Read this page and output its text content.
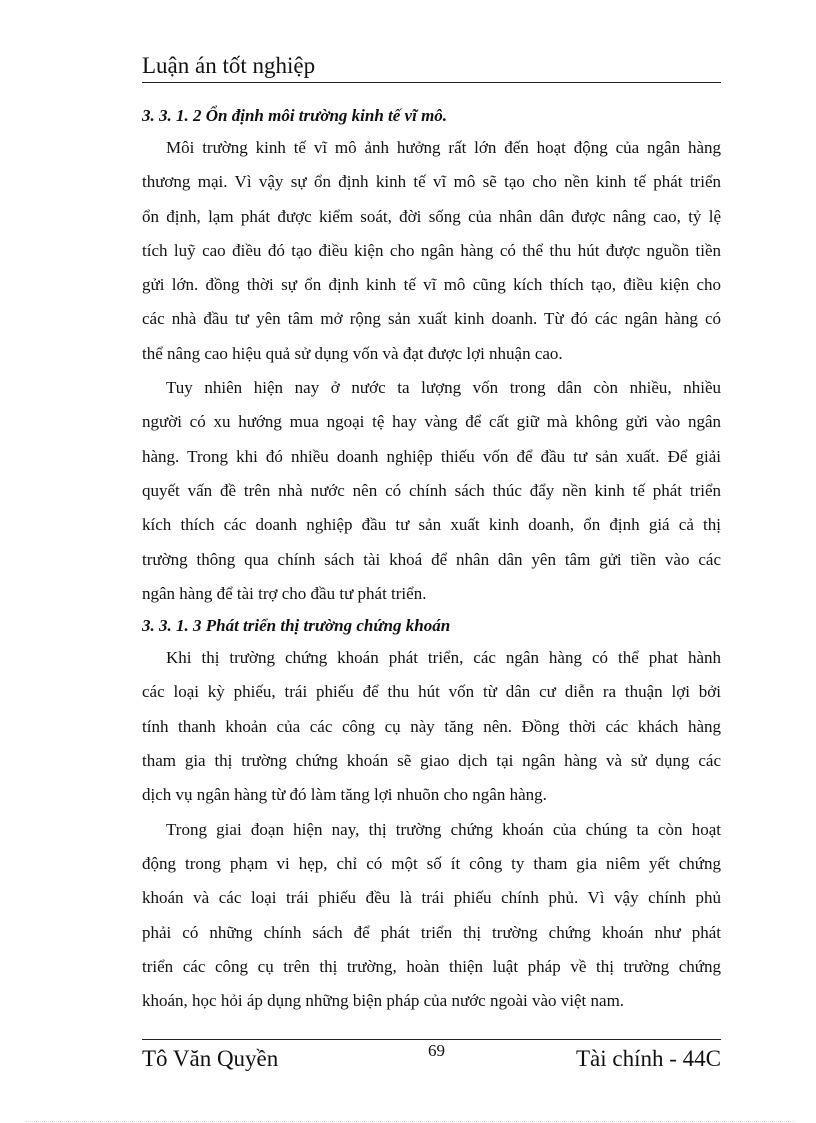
Luận án tốt nghiệp
3. 3. 1. 2 Ổn định môi trường kinh tế vĩ mô.
Môi trường kinh tế vĩ mô ảnh hưởng rất lớn đến hoạt động của ngân hàng
thương mại. Vì vậy sự ổn định kinh tế vĩ mô sẽ tạo cho nền kinh tế phát triển
ổn định, lạm phát được kiểm soát, đời sống của nhân dân được nâng cao, tỷ lệ
tích luỹ cao điều đó tạo điều kiện cho ngân hàng có thể thu hút được nguồn tiền
gửi lớn. đồng thời sự ổn định kinh tế vĩ mô cũng kích thích tạo, điều kiện cho
các nhà đầu tư yên tâm mở rộng sản xuất kinh doanh. Từ đó các ngân hàng có
thể nâng cao hiệu quả sử dụng vốn và đạt được lợi nhuận cao.
Tuy nhiên hiện nay ở nước ta lượng vốn trong dân còn nhiều, nhiều
người có xu hướng mua ngoại tệ hay vàng để cất giữ mà không gửi vào ngân
hàng. Trong khi đó nhiều doanh nghiệp thiếu vốn để đầu tư sản xuất. Để giải
quyết vấn đề trên nhà nước nên có chính sách thúc đẩy nền kinh tế phát triển
kích thích các doanh nghiệp đầu tư sản xuất kinh doanh, ổn định giá cả thị
trường thông qua chính sách tài khoá để nhân dân yên tâm gửi tiền vào các
ngân hàng để tài trợ cho đầu tư phát triển.
3. 3. 1. 3 Phát triển thị trường chứng khoán
Khi thị trường chứng khoán phát triển, các ngân hàng có thể phat hành
các loại kỳ phiếu, trái phiếu để thu hút vốn từ dân cư diễn ra thuận lợi bởi
tính thanh khoản của các công cụ này tăng nên. Đồng thời các khách hàng
tham gia thị trường chứng khoán sẽ giao dịch tại ngân hàng và sử dụng các
dịch vụ ngân hàng từ đó làm tăng lợi nhuõn cho ngân hàng.
Trong giai đoạn hiện nay, thị trường chứng khoán của chúng ta còn hoạt
động trong phạm vi hẹp, chỉ có một số ít công ty tham gia niêm yết chứng
khoán và các loại trái phiếu đều là trái phiếu chính phủ. Vì vậy chính phủ
phải có những chính sách để phát triển thị trường chứng khoán như phát
triển các công cụ trên thị trường, hoàn thiện luật pháp về thị trường chứng
khoán, học hỏi áp dụng những biện pháp của nước ngoài vào việt nam.
Tô Văn Quyền	69	Tài chính - 44C
